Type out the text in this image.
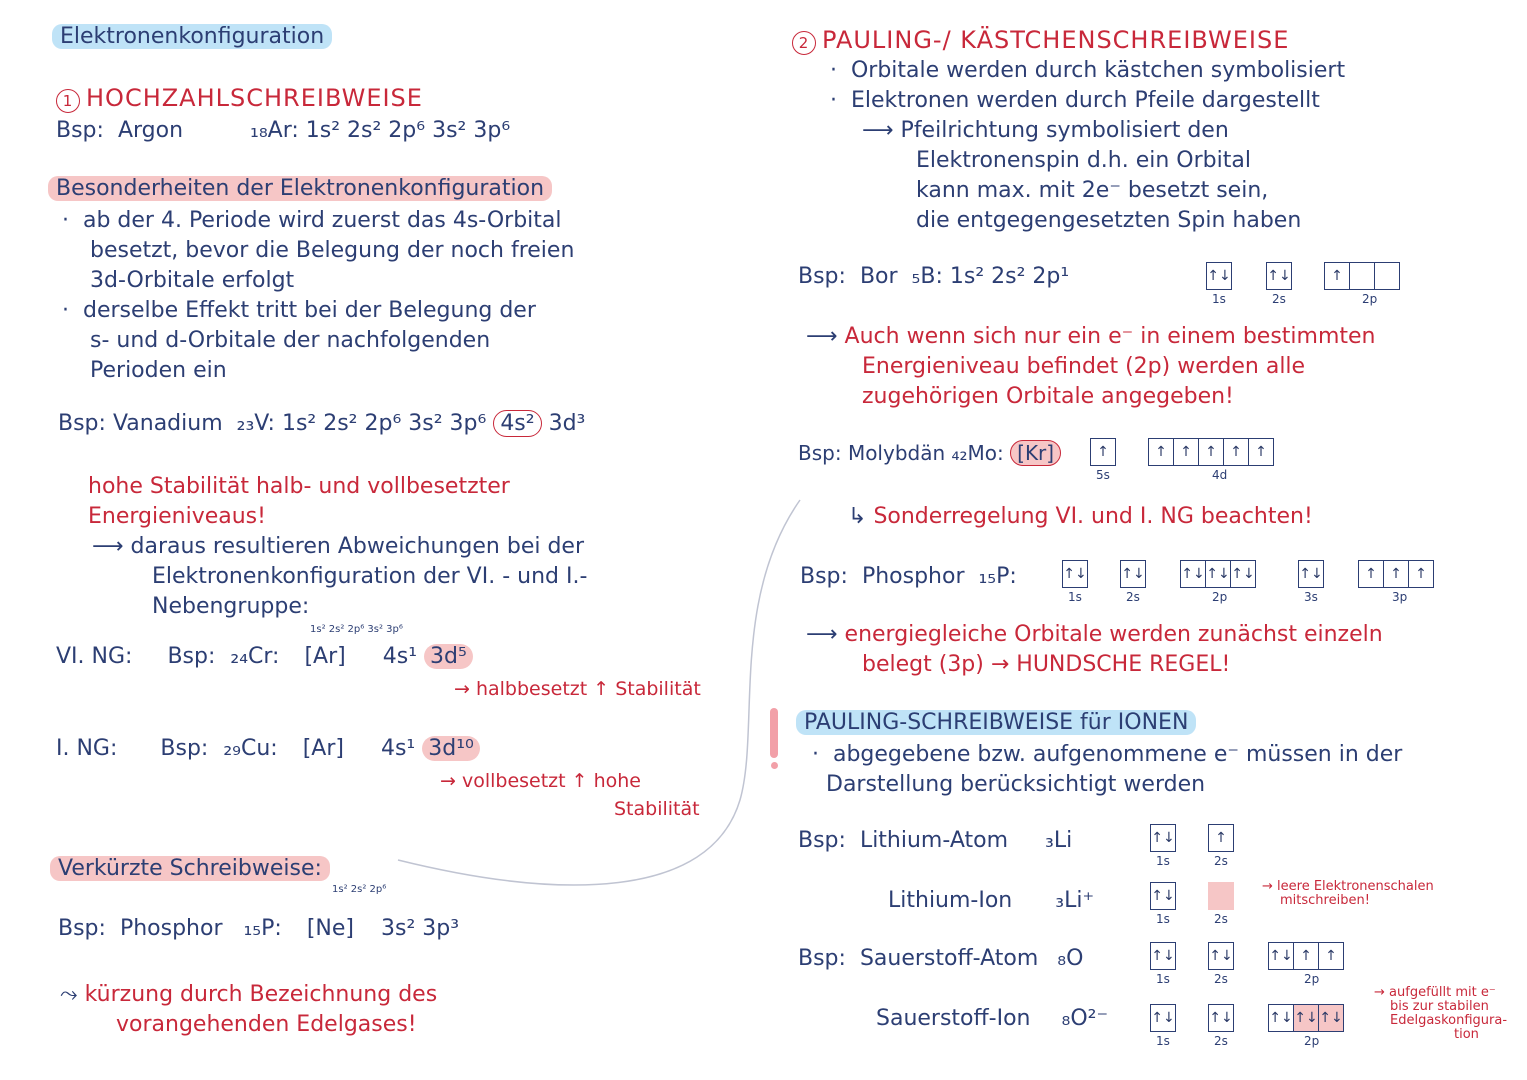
Elektronenkonfiguration
1 HOCHZAHLSCHREIBWEISE
Bsp: Argon	₁₈Ar: 1s² 2s² 2p⁶ 3s² 3p⁶
Besonderheiten der Elektronenkonfiguration
·  ab der 4. Periode wird zuerst das 4s-Orbital
besetzt, bevor die Belegung der noch freien
3d-Orbitale erfolgt
·  derselbe Effekt tritt bei der Belegung der
s- und d-Orbitale der nachfolgenden
Perioden ein
Bsp: Vanadium ₂₃V: 1s² 2s² 2p⁶ 3s² 3p⁶ 4s² 3d³
hohe Stabilität halb- und vollbesetzter
Energieniveaus!
⟶ daraus resultieren Abweichungen bei der
Elektronenkonfiguration der VI. - und I.-
Nebengruppe:
1s² 2s² 2p⁶ 3s² 3p⁶
VI. NG: Bsp: ₂₄Cr: [Ar] 4s¹ 3d⁵
→ halbbesetzt ↑ Stabilität
I. NG: Bsp: ₂₉Cu: [Ar] 4s¹ 3d¹⁰
→ vollbesetzt ↑ hohe
Stabilität
Verkürzte Schreibweise:
1s² 2s² 2p⁶
Bsp: Phosphor ₁₅P: [Ne] 3s² 3p³
⤳ kürzung durch Bezeichnung des
vorangehenden Edelgases!
2 PAULING-/ KÄSTCHENSCHREIBWEISE
·  Orbitale werden durch kästchen symbolisiert
·  Elektronen werden durch Pfeile dargestellt
⟶ Pfeilrichtung symbolisiert den
Elektronenspin d.h. ein Orbital
kann max. mit 2e⁻ besetzt sein,
die entgegengesetzten Spin haben
Bsp: Bor ₅B: 1s² 2s² 2p¹	↑↓	↑↓	↑
1s	2s	2p
⟶ Auch wenn sich nur ein e⁻ in einem bestimmten
Energieniveau befindet (2p) werden alle
zugehörigen Orbitale angegeben!
Bsp: Molybdän ₄₂Mo: [Kr]	↑	↑ ↑ ↑ ↑ ↑
5s	4d
↳ Sonderregelung VI. und I. NG beachten!
Bsp: Phosphor ₁₅P:	↑↓ ↑↓	↑↓ ↑↓ ↑↓	↑↓	↑ ↑ ↑
1s	2s	2p	3s	3p
⟶ energiegleiche Orbitale werden zunächst einzeln
belegt (3p) → HUNDSCHE REGEL!
PAULING-SCHREIBWEISE für IONEN
·  abgegebene bzw. aufgenommene e⁻ müssen in der
Darstellung berücksichtigt werden
Bsp: Lithium-Atom ₃Li	↑↓	↑
1s	2s
Lithium-Ion ₃Li⁺	↑↓
1s	2s
→ leere Elektronenschalen
mitschreiben!
Bsp: Sauerstoff-Atom ₈O	↑↓ ↑↓	↑↓ ↑ ↑
1s	2s	2p
Sauerstoff-Ion ₈O²⁻	↑↓ ↑↓	↑↓ ↑↓ ↑↓
1s	2s	2p
→ aufgefüllt mit e⁻
bis zur stabilen
Edelgaskonfigura-
tion
